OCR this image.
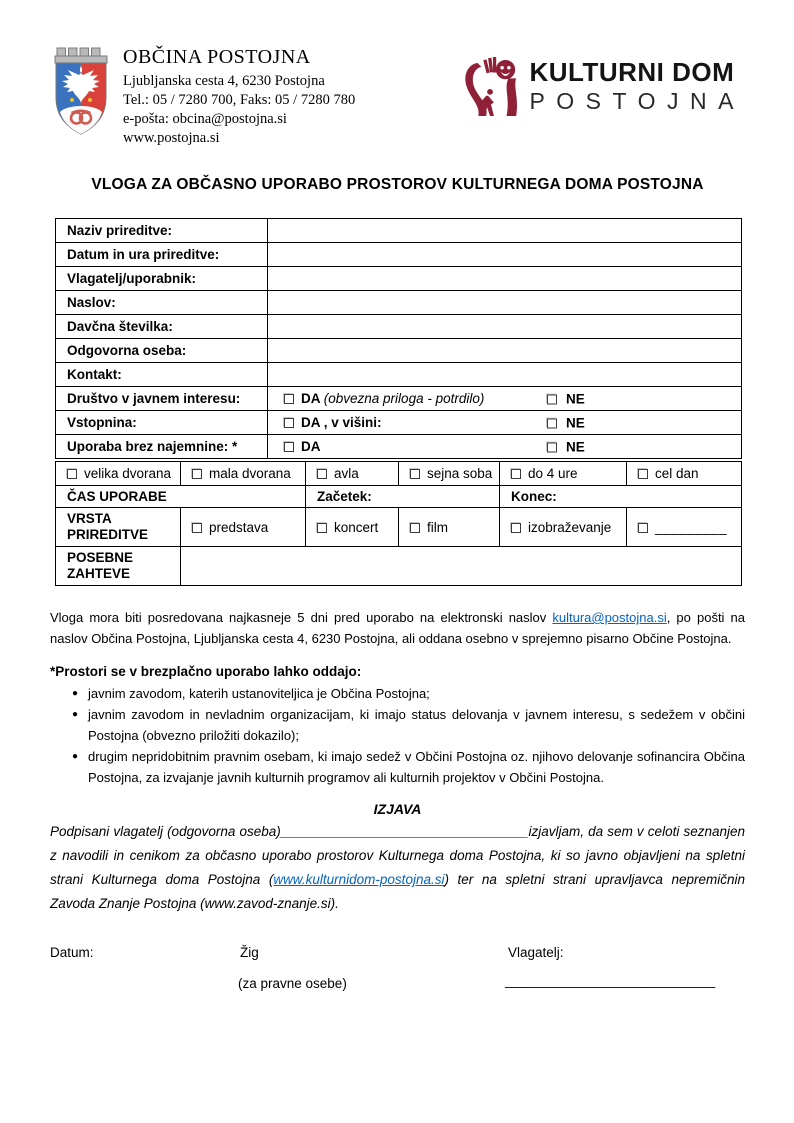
OBČINA POSTOJNA
Ljubljanska cesta 4, 6230 Postojna
Tel.: 05 / 7280 700, Faks: 05 / 7280 780
e-pošta: obcina@postojna.si
www.postojna.si
KULTURNI DOM
POSTOJNA
VLOGA ZA OBČASNO UPORABO PROSTOROV KULTURNEGA DOMA POSTOJNA
Naziv prireditve:	
Datum in ura prireditve:	
Vlagatelj/uporabnik:	
Naslov:	
Davčna številka:	
Odgovorna oseba:	
Kontakt:	
Društvo v javnem interesu:	DA (obvezna priloga - potrdilo) NE

Vstopnina:	DA , v višini: NE

Uporaba brez najemnine: *	DA NE
velika dvorana	mala dvorana	avla	sejna soba	do 4 ure	cel dan
ČAS UPORABE		Začetek:		Konec:	
VRSTA PRIREDITVE	predstava	koncert	film	izobraževanje	_________
POSEBNE ZAHTEVE					
Vloga mora biti posredovana najkasneje 5 dni pred uporabo na elektronski naslov kultura@postojna.si, po pošti na naslov Občina Postojna, Ljubljanska cesta 4, 6230 Postojna, ali oddana osebno v sprejemno pisarno Občine Postojna.
*Prostori se v brezplačno uporabo lahko oddajo:
● javnim zavodom, katerih ustanoviteljica je Občina Postojna;
● javnim zavodom in nevladnim organizacijam, ki imajo status delovanja v javnem interesu, s sedežem v občini Postojna (obvezno priložiti dokazilo);
● drugim nepridobitnim pravnim osebam, ki imajo sedež v Občini Postojna oz. njihovo delovanje sofinancira Občina Postojna, za izvajanje javnih kulturnih programov ali kulturnih projektov v Občini Postojna.
IZJAVA
Podpisani vlagatelj (odgovorna oseba)_________________________________izjavljam, da sem v celoti seznanjen z navodili in cenikom za občasno uporabo prostorov Kulturnega doma Postojna, ki so javno objavljeni na spletni strani Kulturnega doma Postojna (www.kulturnidom-postojna.si) ter na spletni strani upravljavca nepremičnin Zavoda Znanje Postojna (www.zavod-znanje.si).
Datum:	Žig	Vlagatelj:
(za pravne osebe)	____________________________
